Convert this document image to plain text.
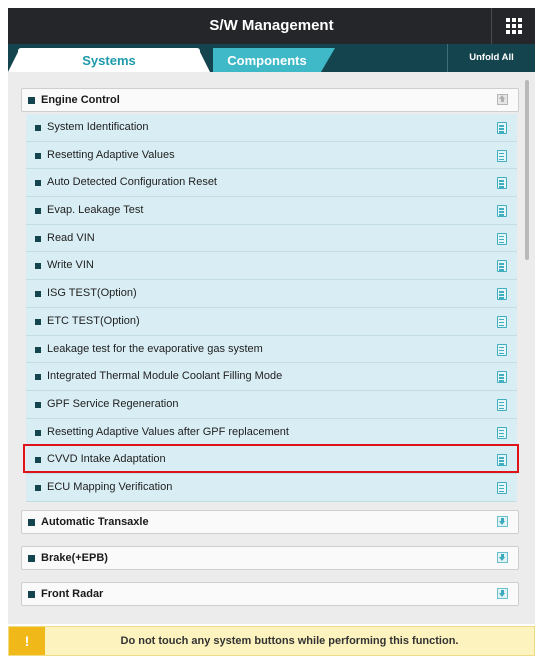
S/W Management
Systems	Components	Unfold All
Engine Control
System Identification
Resetting Adaptive Values
Auto Detected Configuration Reset
Evap. Leakage Test
Read VIN
Write VIN
ISG TEST(Option)
ETC TEST(Option)
Leakage test for the evaporative gas system
Integrated Thermal Module Coolant Filling Mode
GPF Service Regeneration
Resetting Adaptive Values after GPF replacement
CVVD Intake Adaptation
ECU Mapping Verification
Automatic Transaxle
Brake(+EPB)
Front Radar
!	Do not touch any system buttons while performing this function.
